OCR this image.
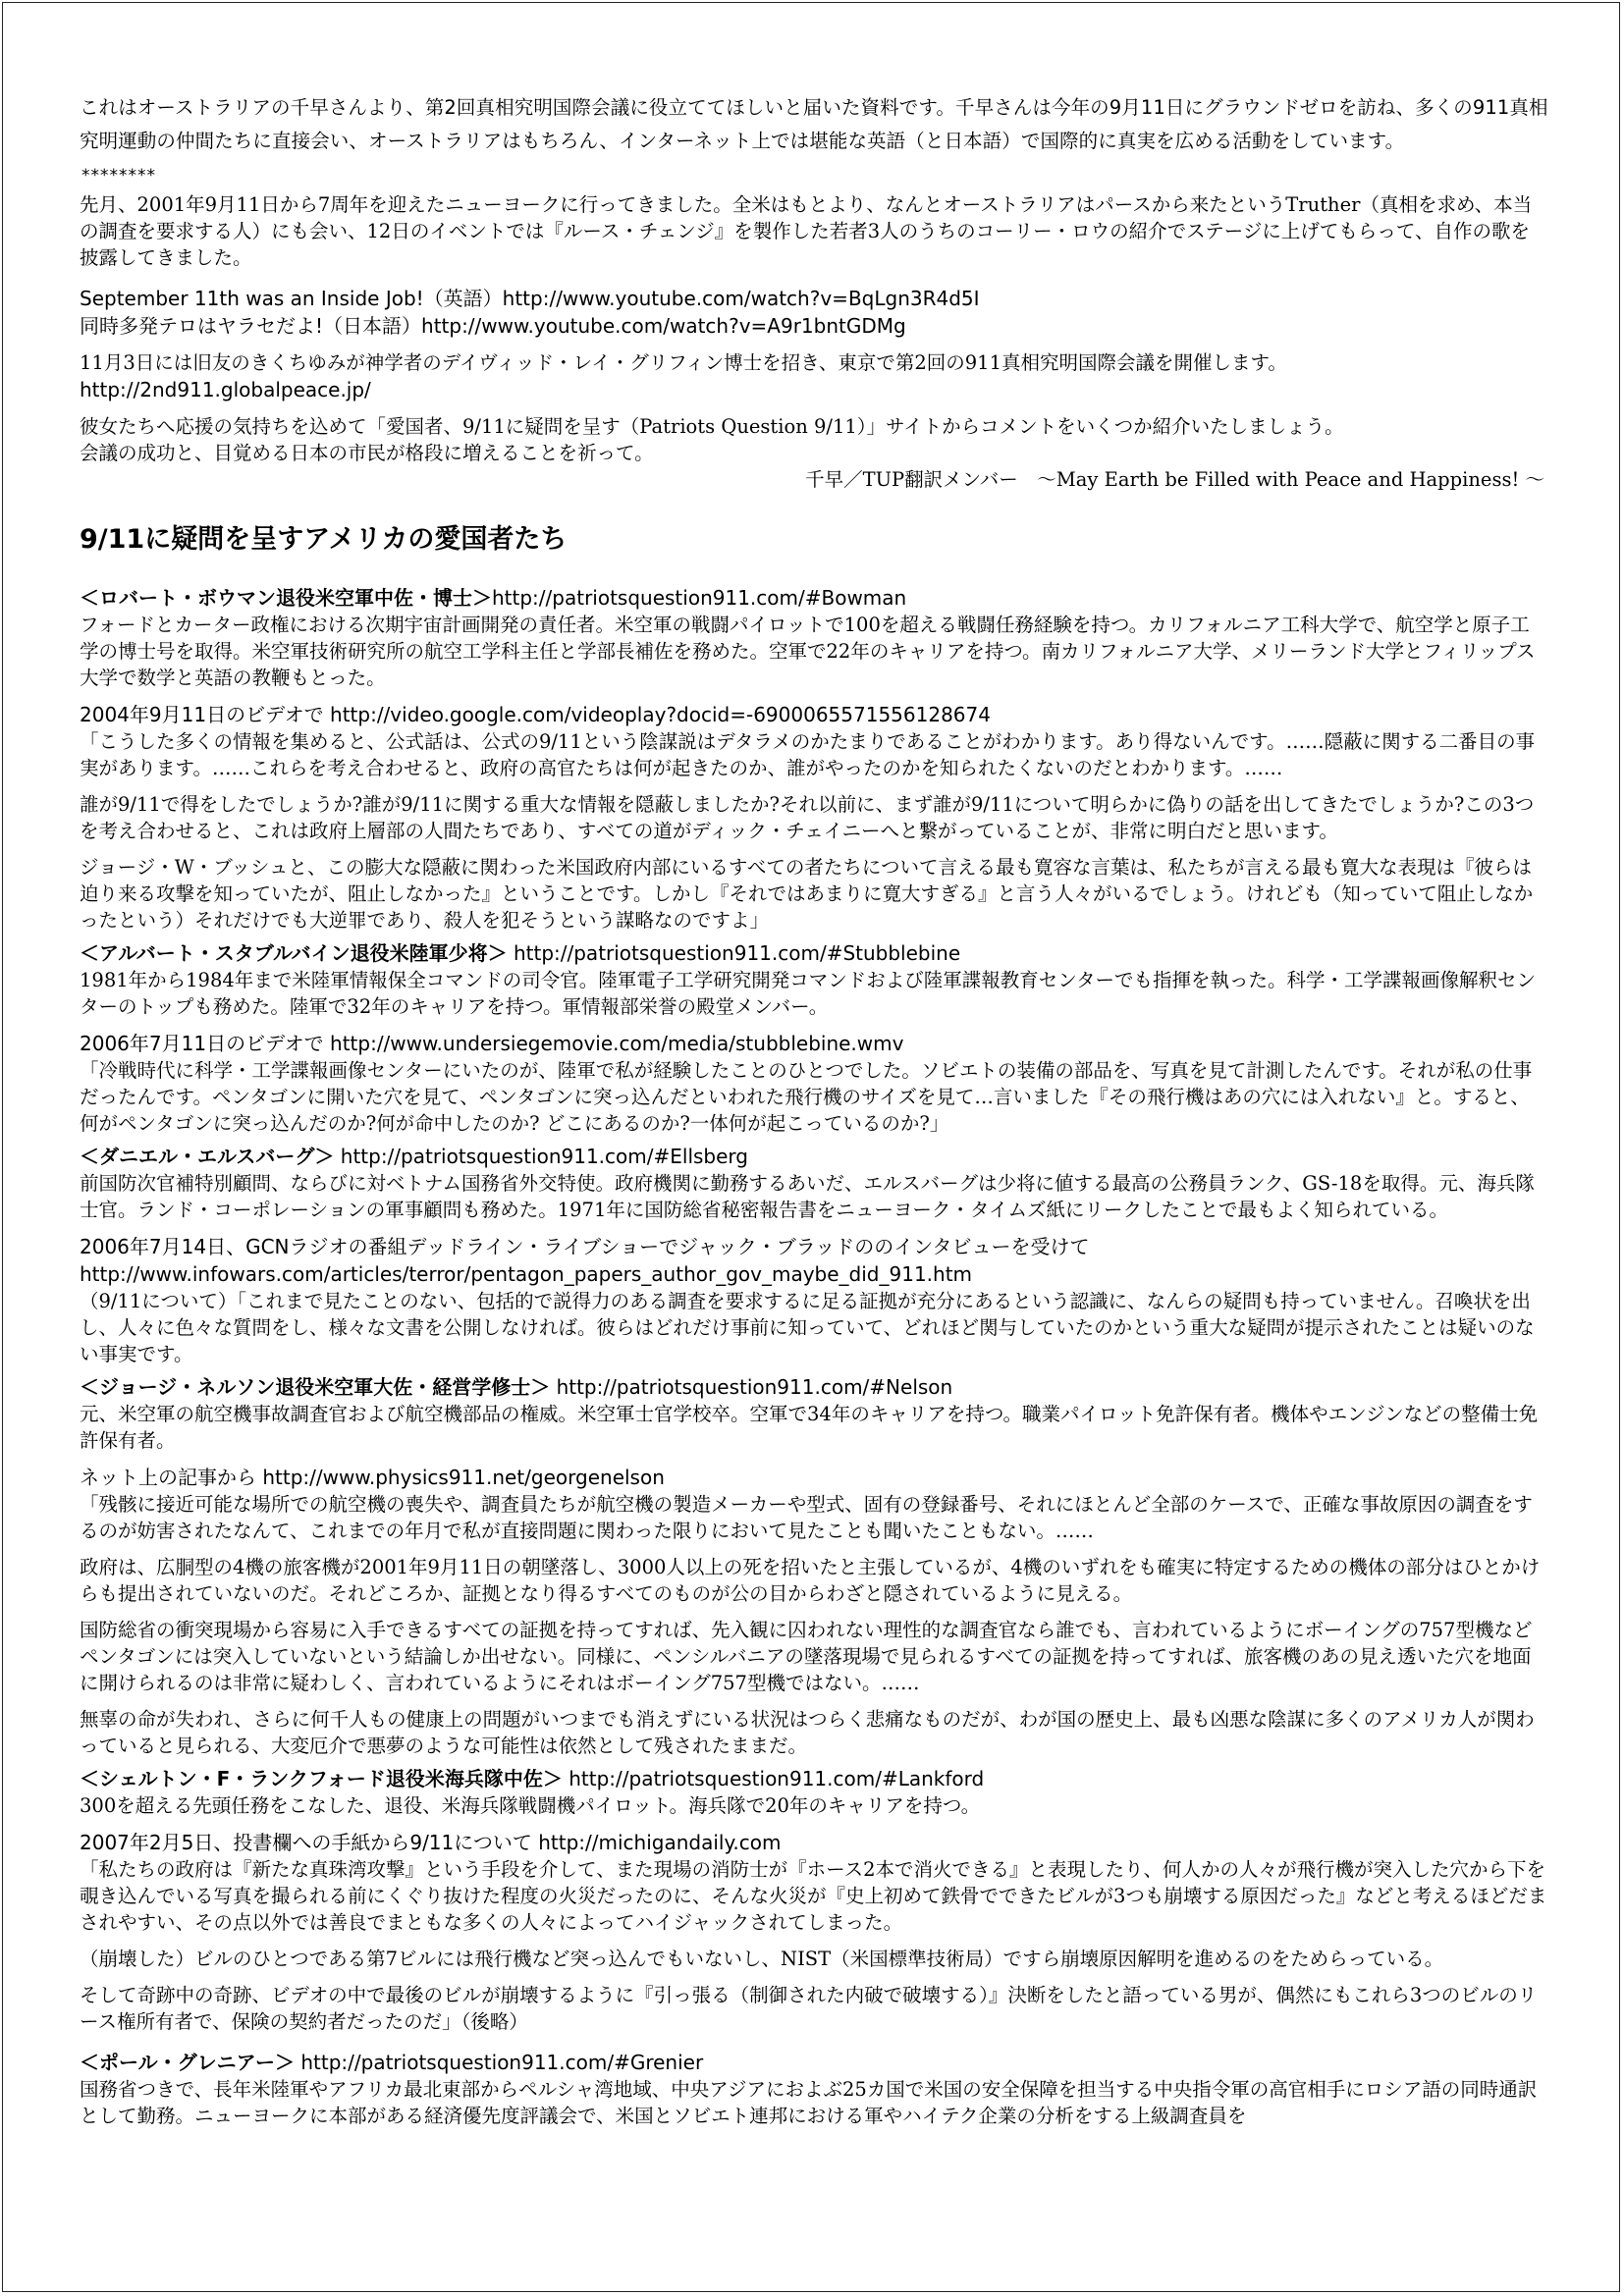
これはオーストラリアの千早さんより、第2回真相究明国際会議に役立ててほしいと届いた資料です。千早さんは今年の9月11日にグラウンドゼロを訪ね、多くの911真相究明運動の仲間たちに直接会い、オーストラリアはもちろん、インターネット上では堪能な英語（と日本語）で国際的に真実を広める活動をしています。

********

先月、2001年9月11日から7周年を迎えたニューヨークに行ってきました。全米はもとより、なんとオーストラリアはパースから来たというTruther（真相を求め、本当の調査を要求する人）にも会い、12日のイベントでは『ルース・チェンジ』を製作した若者3人のうちのコーリー・ロウの紹介でステージに上げてもらって、自作の歌を披露してきました。

September 11th was an Inside Job!（英語）http://www.youtube.com/watch?v=BqLgn3R4d5I

同時多発テロはヤラセだよ!（日本語）http://www.youtube.com/watch?v=A9r1bntGDMg

11月3日には旧友のきくちゆみが神学者のデイヴィッド・レイ・グリフィン博士を招き、東京で第2回の911真相究明国際会議を開催します。

http://2nd911.globalpeace.jp/

彼女たちへ応援の気持ちを込めて「愛国者、9/11に疑問を呈す（Patriots Question 9/11）」サイトからコメントをいくつか紹介いたしましょう。

会議の成功と、目覚める日本の市民が格段に増えることを祈って。

千早／TUP翻訳メンバー　～May Earth be Filled with Peace and Happiness! ～

9/11に疑問を呈すアメリカの愛国者たち

＜ロバート・ボウマン退役米空軍中佐・博士＞http://patriotsquestion911.com/#Bowman

フォードとカーター政権における次期宇宙計画開発の責任者。米空軍の戦闘パイロットで100を超える戦闘任務経験を持つ。カリフォルニア工科大学で、航空学と原子工学の博士号を取得。米空軍技術研究所の航空工学科主任と学部長補佐を務めた。空軍で22年のキャリアを持つ。南カリフォルニア大学、メリーランド大学とフィリップス大学で数学と英語の教鞭もとった。

2004年9月11日のビデオで http://video.google.com/videoplay?docid=-6900065571556128674

「こうした多くの情報を集めると、公式話は、公式の9/11という陰謀説はデタラメのかたまりであることがわかります。あり得ないんです。……隠蔽に関する二番目の事実があります。……これらを考え合わせると、政府の高官たちは何が起きたのか、誰がやったのかを知られたくないのだとわかります。……

誰が9/11で得をしたでしょうか?誰が9/11に関する重大な情報を隠蔽しましたか?それ以前に、まず誰が9/11について明らかに偽りの話を出してきたでしょうか?この3つを考え合わせると、これは政府上層部の人間たちであり、すべての道がディック・チェイニーへと繋がっていることが、非常に明白だと思います。

ジョージ・W・ブッシュと、この膨大な隠蔽に関わった米国政府内部にいるすべての者たちについて言える最も寛容な言葉は、私たちが言える最も寛大な表現は『彼らは迫り来る攻撃を知っていたが、阻止しなかった』ということです。しかし『それではあまりに寛大すぎる』と言う人々がいるでしょう。けれども（知っていて阻止しなかったという）それだけでも大逆罪であり、殺人を犯そうという謀略なのですよ」

＜アルバート・スタブルバイン退役米陸軍少将＞ http://patriotsquestion911.com/#Stubblebine

1981年から1984年まで米陸軍情報保全コマンドの司令官。陸軍電子工学研究開発コマンドおよび陸軍諜報教育センターでも指揮を執った。科学・工学諜報画像解釈センターのトップも務めた。陸軍で32年のキャリアを持つ。軍情報部栄誉の殿堂メンバー。

2006年7月11日のビデオで http://www.undersiegemovie.com/media/stubblebine.wmv

「冷戦時代に科学・工学諜報画像センターにいたのが、陸軍で私が経験したことのひとつでした。ソビエトの装備の部品を、写真を見て計測したんです。それが私の仕事だったんです。ペンタゴンに開いた穴を見て、ペンタゴンに突っ込んだといわれた飛行機のサイズを見て…言いました『その飛行機はあの穴には入れない』と。すると、何がペンタゴンに突っ込んだのか?何が命中したのか? どこにあるのか?一体何が起こっているのか?」

＜ダニエル・エルスバーグ＞ http://patriotsquestion911.com/#Ellsberg

前国防次官補特別顧問、ならびに対ベトナム国務省外交特使。政府機関に勤務するあいだ、エルスバーグは少将に値する最高の公務員ランク、GS-18を取得。元、海兵隊士官。ランド・コーポレーションの軍事顧問も務めた。1971年に国防総省秘密報告書をニューヨーク・タイムズ紙にリークしたことで最もよく知られている。

2006年7月14日、GCNラジオの番組デッドライン・ライブショーでジャック・ブラッドののインタビューを受けて

http://www.infowars.com/articles/terror/pentagon_papers_author_gov_maybe_did_911.htm

（9/11について）「これまで見たことのない、包括的で説得力のある調査を要求するに足る証拠が充分にあるという認識に、なんらの疑問も持っていません。召喚状を出し、人々に色々な質問をし、様々な文書を公開しなければ。彼らはどれだけ事前に知っていて、どれほど関与していたのかという重大な疑問が提示されたことは疑いのない事実です。

＜ジョージ・ネルソン退役米空軍大佐・経営学修士＞ http://patriotsquestion911.com/#Nelson

元、米空軍の航空機事故調査官および航空機部品の権威。米空軍士官学校卒。空軍で34年のキャリアを持つ。職業パイロット免許保有者。機体やエンジンなどの整備士免許保有者。

ネット上の記事から http://www.physics911.net/georgenelson

「残骸に接近可能な場所での航空機の喪失や、調査員たちが航空機の製造メーカーや型式、固有の登録番号、それにほとんど全部のケースで、正確な事故原因の調査をするのが妨害されたなんて、これまでの年月で私が直接問題に関わった限りにおいて見たことも聞いたこともない。……

政府は、広胴型の4機の旅客機が2001年9月11日の朝墜落し、3000人以上の死を招いたと主張しているが、4機のいずれをも確実に特定するための機体の部分はひとかけらも提出されていないのだ。それどころか、証拠となり得るすべてのものが公の目からわざと隠されているように見える。

国防総省の衝突現場から容易に入手できるすべての証拠を持ってすれば、先入観に囚われない理性的な調査官なら誰でも、言われているようにボーイングの757型機などペンタゴンには突入していないという結論しか出せない。同様に、ペンシルバニアの墜落現場で見られるすべての証拠を持ってすれば、旅客機のあの見え透いた穴を地面に開けられるのは非常に疑わしく、言われているようにそれはボーイング757型機ではない。……

無辜の命が失われ、さらに何千人もの健康上の問題がいつまでも消えずにいる状況はつらく悲痛なものだが、わが国の歴史上、最も凶悪な陰謀に多くのアメリカ人が関わっていると見られる、大変厄介で悪夢のような可能性は依然として残されたままだ。

＜シェルトン・F・ランクフォード退役米海兵隊中佐＞ http://patriotsquestion911.com/#Lankford

300を超える先頭任務をこなした、退役、米海兵隊戦闘機パイロット。海兵隊で20年のキャリアを持つ。

2007年2月5日、投書欄への手紙から9/11について http://michigandaily.com

「私たちの政府は『新たな真珠湾攻撃』という手段を介して、また現場の消防士が『ホース2本で消火できる』と表現したり、何人かの人々が飛行機が突入した穴から下を覗き込んでいる写真を撮られる前にくぐり抜けた程度の火災だったのに、そんな火災が『史上初めて鉄骨でできたビルが3つも崩壊する原因だった』などと考えるほどだまされやすい、その点以外では善良でまともな多くの人々によってハイジャックされてしまった。

（崩壊した）ビルのひとつである第7ビルには飛行機など突っ込んでもいないし、NIST（米国標準技術局）ですら崩壊原因解明を進めるのをためらっている。

そして奇跡中の奇跡、ビデオの中で最後のビルが崩壊するように『引っ張る（制御された内破で破壊する）』決断をしたと語っている男が、偶然にもこれら3つのビルのリース権所有者で、保険の契約者だったのだ」（後略）

＜ポール・グレニアー＞ http://patriotsquestion911.com/#Grenier

国務省つきで、長年米陸軍やアフリカ最北東部からペルシャ湾地域、中央アジアにおよぶ25カ国で米国の安全保障を担当する中央指令軍の高官相手にロシア語の同時通訳として勤務。ニューヨークに本部がある経済優先度評議会で、米国とソビエト連邦における軍やハイテク企業の分析をする上級調査員を
